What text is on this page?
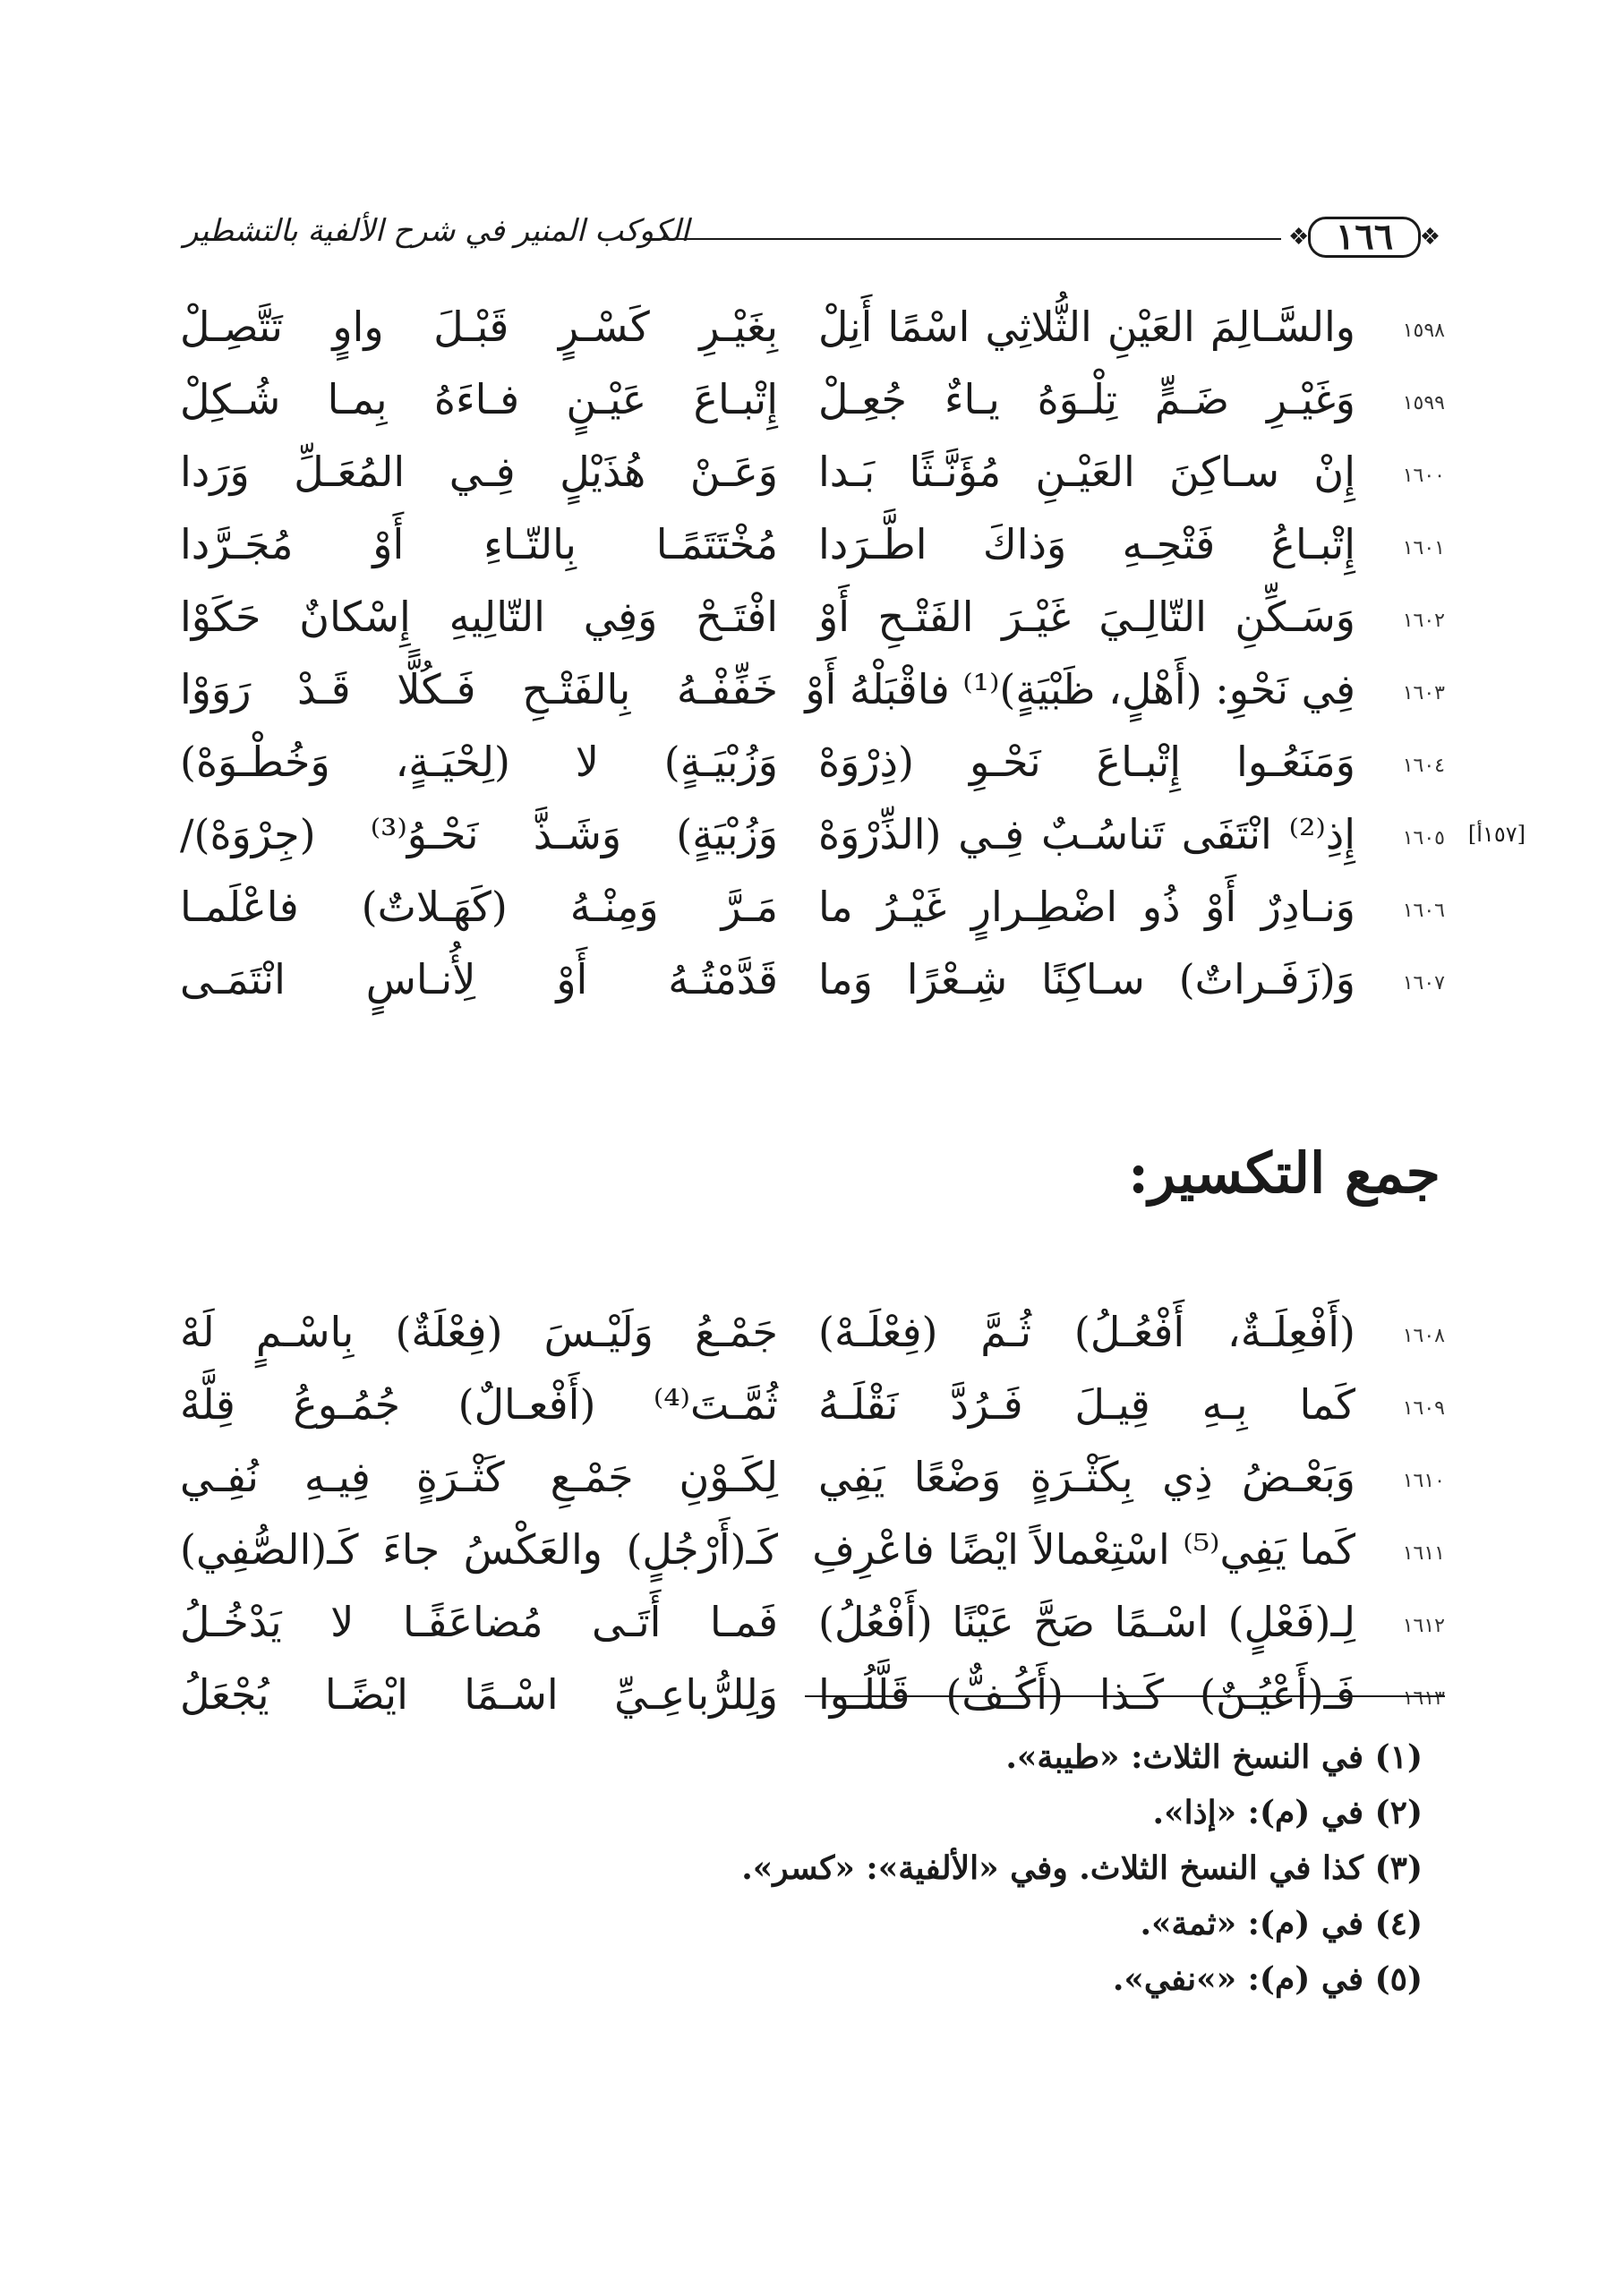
❖
❖ ١٦٦
الكوكب المنير في شرح الألفية بالتشطير
١٥٩٨
والسَّـالِمَ العَيْنِ الثُّلاثِي اسْمًا أَنِلْ
بِغَيْـرِ كَسْـرٍ قَبْـلَ واوٍ تَتَّصِـلْ
١٥٩٩
وَغَيْـرِ ضَـمٍّ تِلْـوَهُ يـاءٌ جُعِـلْ
إِتْبـاعَ عَيْـنٍ فـاءَهُ بِمـا شُـكِلْ
١٦٠٠
إِنْ سـاكِنَ العَيْـنِ مُؤَنَّـثًا بَـدا
وَعَـنْ هُذَيْلٍ فِـي المُعَـلِّ وَرَدا
١٦٠١
إِتْبـاعُ فَتْحِـهِ وَذاكَ اطَّـرَدا
مُخْتَتَمًـا بِالتّـاءِ أَوْ مُجَـرَّدا
١٦٠٢
وَسَـكِّنِ التّالِـيَ غَيْـرَ الفَتْـحِ أَوْ
افْتَـحْ وَفِي التّالِيهِ إِسْكانٌ حَكَوْا
١٦٠٣
فِي نَحْوِ: (أَهْلٍ، ظَبْيَةٍ)⁽¹⁾ فاقْبَلْهُ أَوْ
خَفِّفْـهُ بِالفَتْـحِ فَـكُلًّا قَـدْ رَوَوْا
١٦٠٤
وَمَنَعُـوا إِتْبـاعَ نَحْـوِ (ذِرْوَهْ
وَزُبْيَـةٍ) لا (لِحْيَـةٍ، وَخُطْـوَهْ)
١٦٠٥
إِذِ⁽²⁾ انْتَفَى تَناسُـبٌ فِـي (الذِّرْوَهْ
وَزُبْيَةٍ) وَشَـذَّ نَحْـوُ⁽³⁾ (جِرْوَهْ)/	[١٥٧أ]
١٦٠٦
وَنـادِرٌ أَوْ ذُو اضْطِـرارٍ غَيْـرُ ما
مَـرَّ وَمِنْـهُ (كَهَـلاتٌ) فاعْلَمـا
١٦٠٧
وَ(زَفَـراتٌ) سـاكِنًا شِـعْرًا وَما
قَدَّمْتُـهُ أَوْ لِأُنـاسٍ انْتَمَـى
جمع التكسير:
١٦٠٨
(أَفْعِلَـةٌ، أَفْعُـلُ) ثُـمَّ (فِعْلَـهْ)
جَمْـعُ وَلَيْـسَ (فِعْلَةٌ) بِاسْـمٍ لَهْ
١٦٠٩
كَما بِـهِ قِيـلَ فَـرُدَّ نَقْلَـهُ
ثُمَّـتَ⁽⁴⁾ (أَفْعـالٌ) جُمُـوعُ قِلَّهْ
١٦١٠
وَبَعْـضُ ذِي بِكَثْـرَةٍ وَضْعًا يَفِي
لِكَـوْنِ جَمْـعِ كَثْـرَةٍ فِيـهِ نُفِـي
١٦١١
كَما يَفِي⁽⁵⁾ اسْتِعْمالاً ايْضًا فاعْرِفِ
كَـ(أَرْجُلٍ) والعَكْسُ جاءَ كَـ(الصُّفِي)
١٦١٢
لِـ(فَعْلٍ) اسْـمًا صَحَّ عَيْنًا (أَفْعُلُ)
فَمـا أَتَـى مُضاعَفًـا لا يَدْخُـلُ
١٦١٣
فَـ(أَعْيُـنٌ) كَـذا (أَكُـفٌّ) قَلَّلُـوا
وَلِلرُّباعِـيِّ اسْـمًا ايْضًـا يُجْعَلُ
(١) في النسخ الثلاث: «طيبة».
(٢) في (م): «إذا».
(٣) كذا في النسخ الثلاث. وفي «الألفية»: «كسر».
(٤) في (م): «ثمة».
(٥) في (م): «»نفي».
